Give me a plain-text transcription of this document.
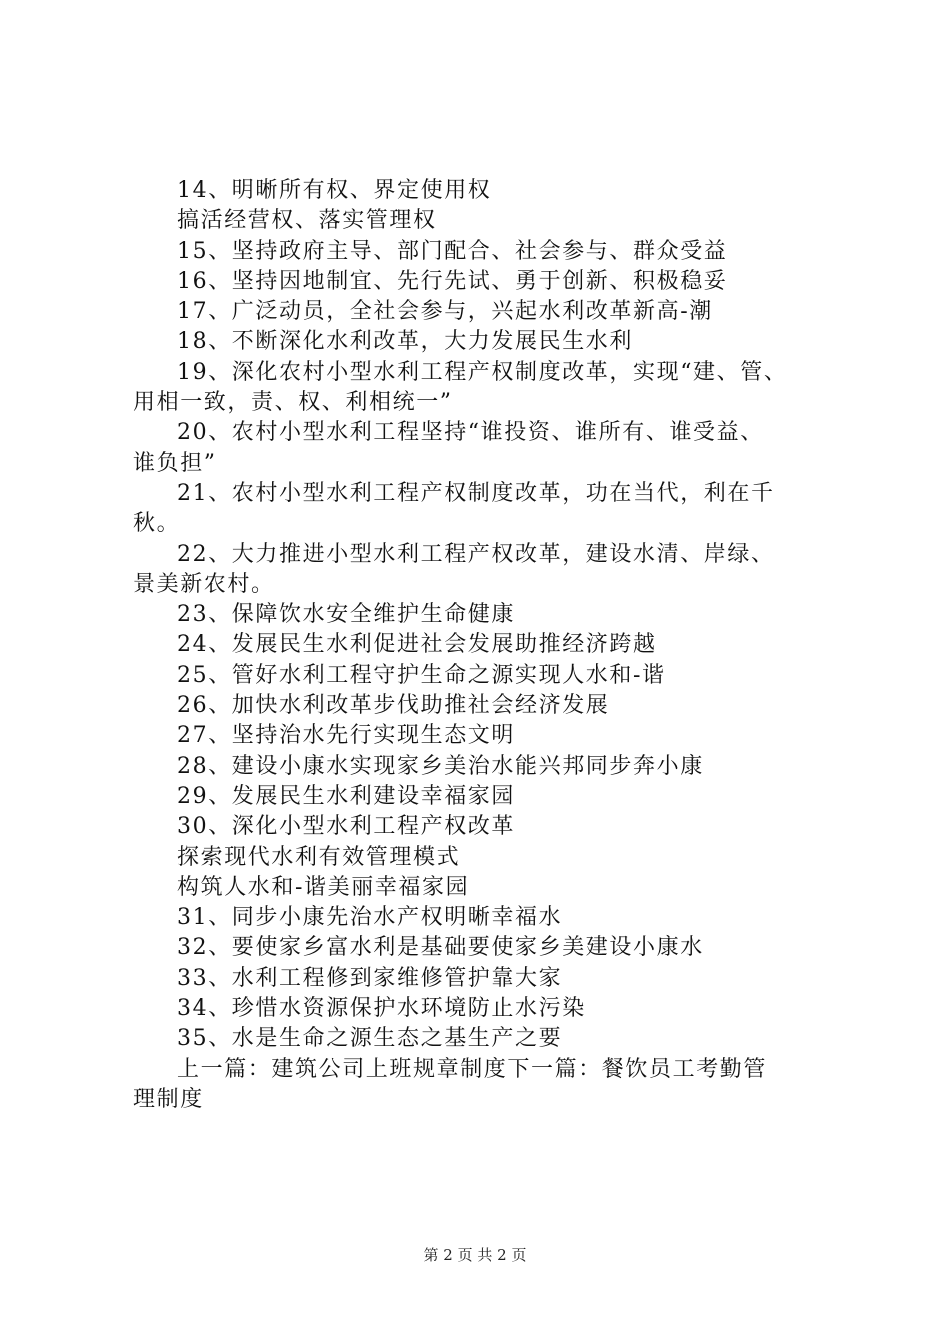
14、明晰所有权、界定使用权
搞活经营权、落实管理权
15、坚持政府主导、部门配合、社会参与、群众受益
16、坚持因地制宜、先行先试、勇于创新、积极稳妥
17、广泛动员，全社会参与，兴起水利改革新高-潮
18、不断深化水利改革，大力发展民生水利
19、深化农村小型水利工程产权制度改革，实现“建、管、
用相一致，责、权、利相统一”
20、农村小型水利工程坚持“谁投资、谁所有、谁受益、
谁负担”
21、农村小型水利工程产权制度改革，功在当代，利在千
秋。
22、大力推进小型水利工程产权改革，建设水清、岸绿、
景美新农村。
23、保障饮水安全维护生命健康
24、发展民生水利促进社会发展助推经济跨越
25、管好水利工程守护生命之源实现人水和-谐
26、加快水利改革步伐助推社会经济发展
27、坚持治水先行实现生态文明
28、建设小康水实现家乡美治水能兴邦同步奔小康
29、发展民生水利建设幸福家园
30、深化小型水利工程产权改革
探索现代水利有效管理模式
构筑人水和-谐美丽幸福家园
31、同步小康先治水产权明晰幸福水
32、要使家乡富水利是基础要使家乡美建设小康水
33、水利工程修到家维修管护靠大家
34、珍惜水资源保护水环境防止水污染
35、水是生命之源生态之基生产之要
上一篇：建筑公司上班规章制度下一篇：餐饮员工考勤管
理制度
第 2 页 共 2 页
